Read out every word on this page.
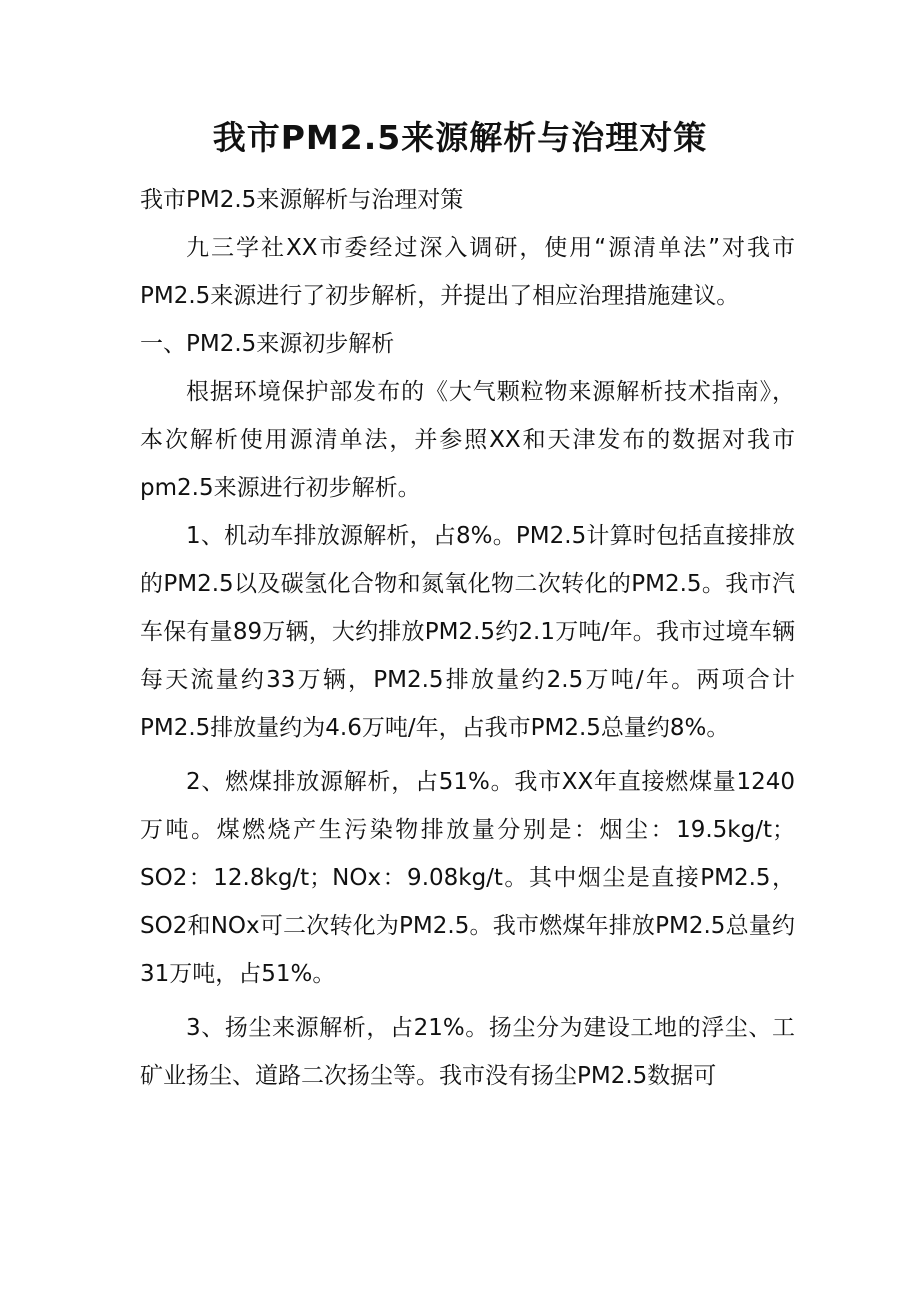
我市PM2.5来源解析与治理对策

我市PM2.5来源解析与治理对策

九三学社XX市委经过深入调研，使用“源清单法”对我市PM2.5来源进行了初步解析，并提出了相应治理措施建议。

一、PM2.5来源初步解析

根据环境保护部发布的《大气颗粒物来源解析技术指南》，本次解析使用源清单法，并参照XX和天津发布的数据对我市pm2.5来源进行初步解析。

1、机动车排放源解析，占8%。PM2.5计算时包括直接排放的PM2.5以及碳氢化合物和氮氧化物二次转化的PM2.5。我市汽车保有量89万辆，大约排放PM2.5约2.1万吨/年。我市过境车辆每天流量约33万辆，PM2.5排放量约2.5万吨/年。两项合计PM2.5排放量约为4.6万吨/年，占我市PM2.5总量约8%。

2、燃煤排放源解析，占51%。我市XX年直接燃煤量1240万吨。煤燃烧产生污染物排放量分别是：烟尘：19.5kg/t；SO2：12.8kg/t；NOx：9.08kg/t。其中烟尘是直接PM2.5，SO2和NOx可二次转化为PM2.5。我市燃煤年排放PM2.5总量约31万吨，占51%。

3、扬尘来源解析，占21%。扬尘分为建设工地的浮尘、工矿业扬尘、道路二次扬尘等。我市没有扬尘PM2.5数据可
